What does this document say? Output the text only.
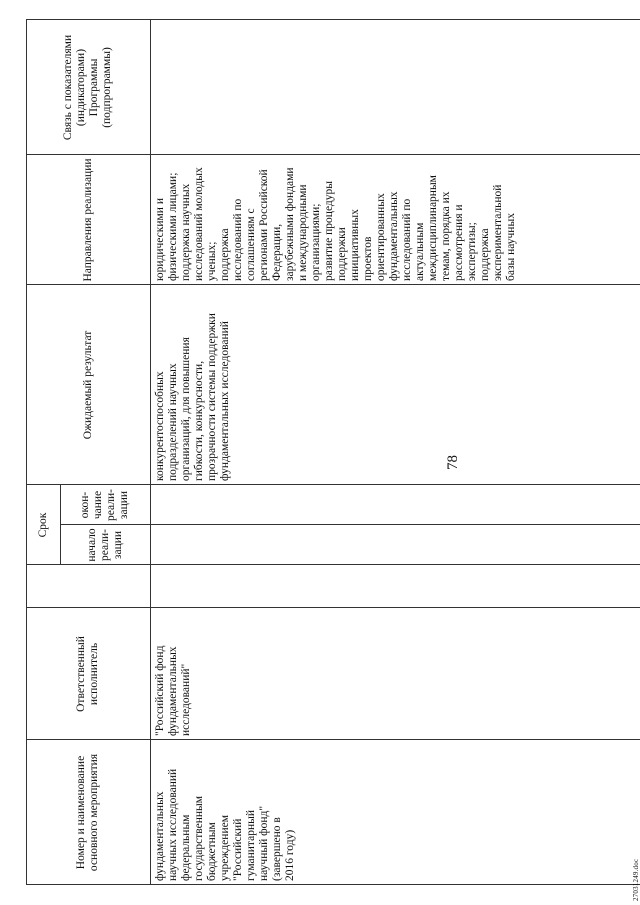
78
Номер и наименование основного мероприятия
Ответственный исполнитель
Срок
начало реали-зации
окон-чание реали-зации
Ожидаемый результат
Направления реализации
Связь с показателями (индикаторами) Программы (подпрограммы)
фундаментальных
научных исследований
федеральным
государственным
бюджетным
учреждением
"Российский
гуманитарный
научный фонд"
(завершено в
2016 году)
"Российский фонд
фундаментальных
исследований"
конкурентоспособных
подразделений научных
организаций, для повышения
гибкости, конкурсности,
прозрачности системы поддержки
фундаментальных исследований
юридическими и
физическими лицами;
поддержка научных
исследований молодых
ученых;
поддержка
исследований по
соглашениям с
регионами Российской
Федерации,
зарубежными фондами
и международными
организациями;
развитие процедуры
поддержки
инициативных
проектов
ориентированных
фундаментальных
исследований по
актуальным
междисциплинарным
темам, порядка их
рассмотрения и
экспертизы;
поддержка
экспериментальной
базы научных
27031249.doc
